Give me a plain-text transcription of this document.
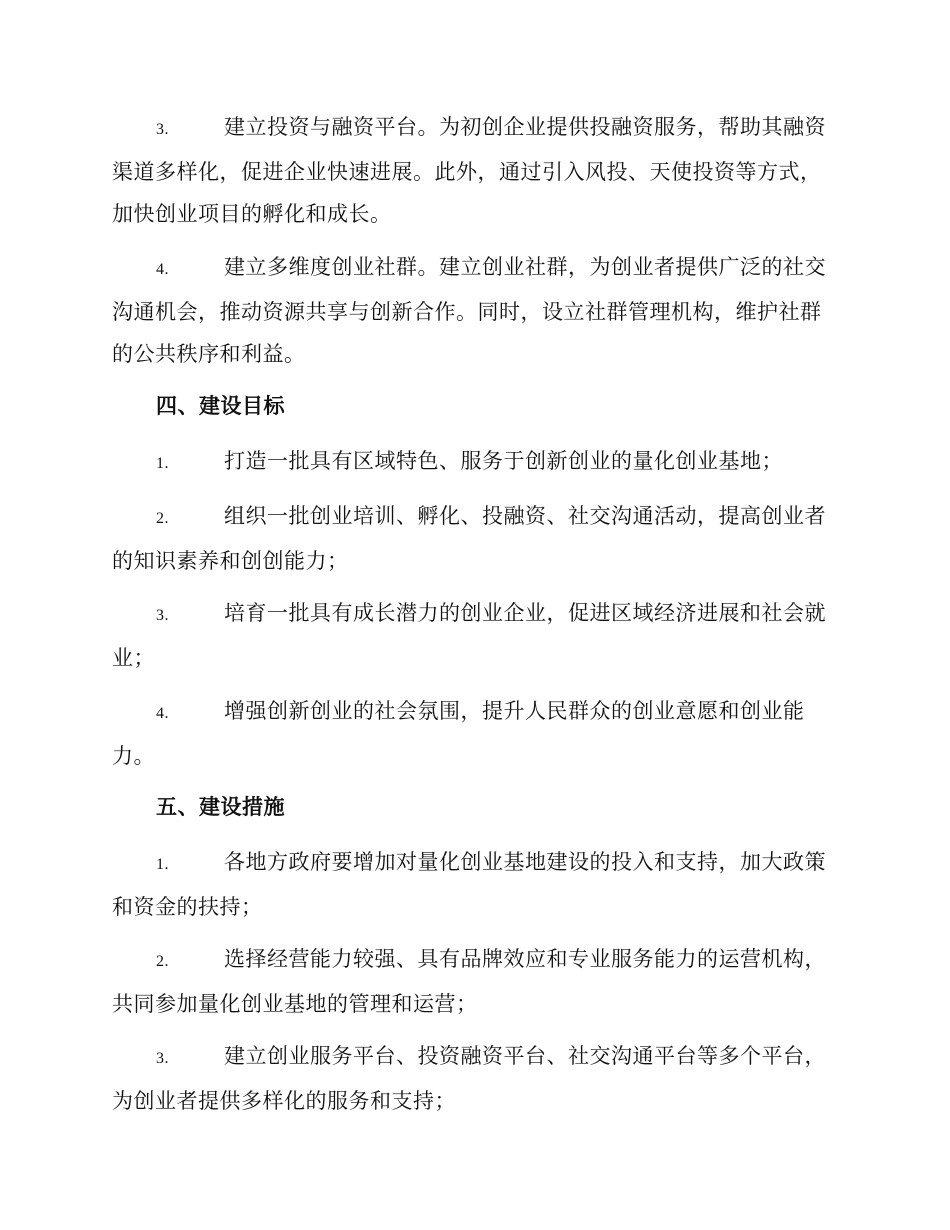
3.	建立投资与融资平台。为初创企业提供投融资服务，帮助其融资渠道多样化，促进企业快速进展。此外，通过引入风投、天使投资等方式，加快创业项目的孵化和成长。

4.	建立多维度创业社群。建立创业社群，为创业者提供广泛的社交沟通机会，推动资源共享与创新合作。同时，设立社群管理机构，维护社群的公共秩序和利益。

四、建设目标

1.	打造一批具有区域特色、服务于创新创业的量化创业基地；

2.	组织一批创业培训、孵化、投融资、社交沟通活动，提高创业者的知识素养和创创能力；

3.	培育一批具有成长潜力的创业企业，促进区域经济进展和社会就业；

4.	增强创新创业的社会氛围，提升人民群众的创业意愿和创业能力。

五、建设措施

1.	各地方政府要增加对量化创业基地建设的投入和支持，加大政策和资金的扶持；

2.	选择经营能力较强、具有品牌效应和专业服务能力的运营机构，共同参加量化创业基地的管理和运营；

3.	建立创业服务平台、投资融资平台、社交沟通平台等多个平台，为创业者提供多样化的服务和支持；
